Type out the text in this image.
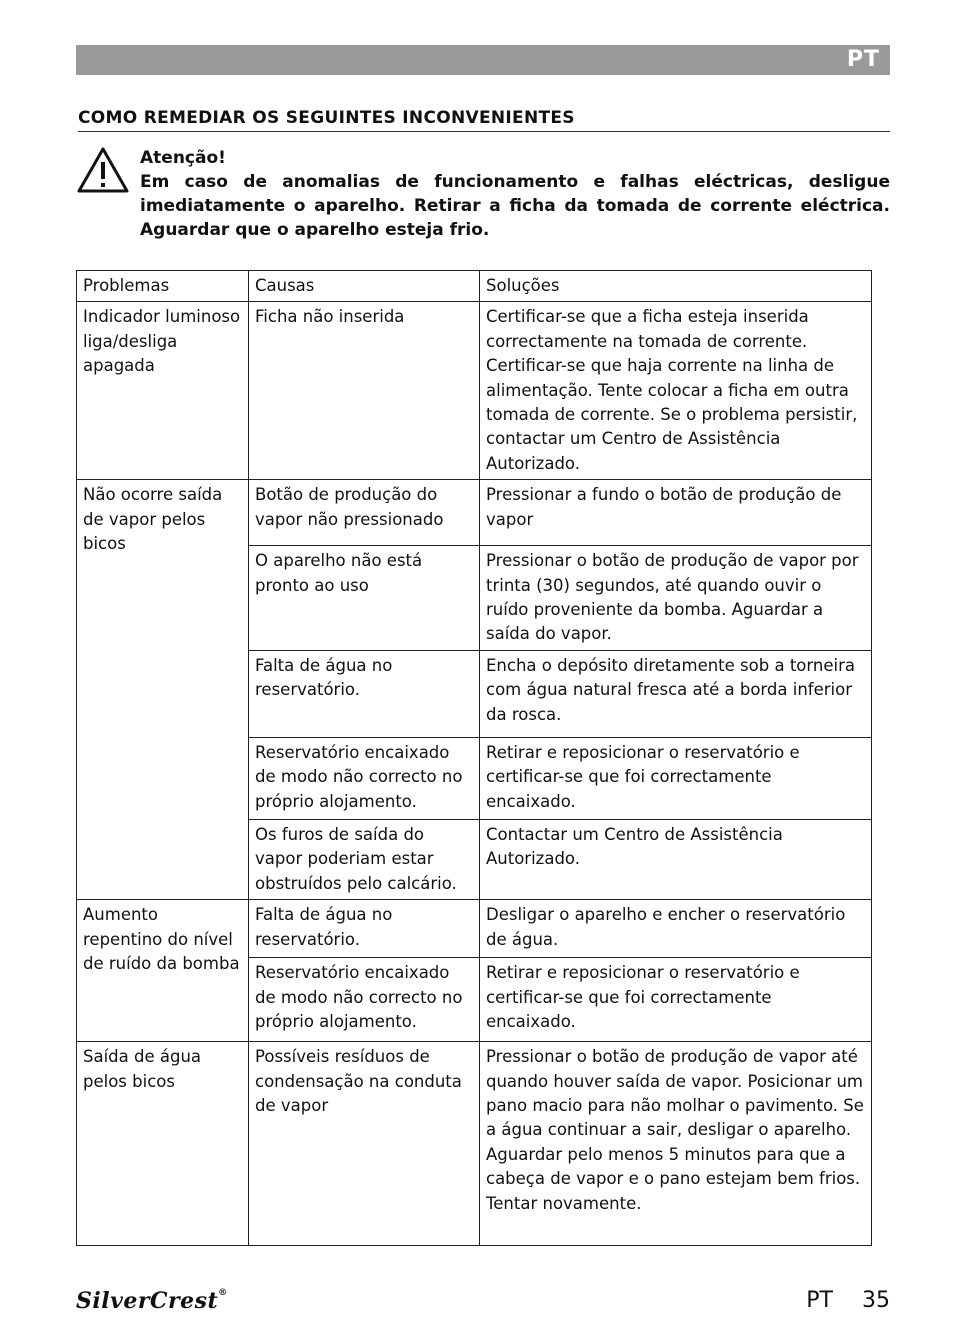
PT
COMO REMEDIAR OS SEGUINTES INCONVENIENTES
Atenção!
Em caso de anomalias de funcionamento e falhas eléctricas, desligue imediatamente o aparelho. Retirar a ficha da tomada de corrente eléctrica. Aguardar que o aparelho esteja frio.
Problemas	Causas	Soluções
Indicador luminoso liga/desliga apagada	Ficha não inserida	Certificar-se que a ficha esteja inserida correctamente na tomada de corrente. Certificar-se que haja corrente na linha de alimentação. Tente colocar a ficha em outra tomada de corrente. Se o problema persistir, contactar um Centro de Assistência Autorizado.
Não ocorre saída de vapor pelos bicos	Botão de produção do vapor não pressionado	Pressionar a fundo o botão de produção de vapor
	O aparelho não está pronto ao uso	Pressionar o botão de produção de vapor por trinta (30) segundos, até quando ouvir o ruído proveniente da bomba. Aguardar a saída do vapor.
	Falta de água no reservatório.	Encha o depósito diretamente sob a torneira com água natural fresca até a borda inferior da rosca.
	Reservatório encaixado de modo não correcto no próprio alojamento.	Retirar e reposicionar o reservatório e certificar-se que foi correctamente encaixado.
	Os furos de saída do vapor poderiam estar obstruídos pelo calcário.	Contactar um Centro de Assistência Autorizado.
Aumento repentino do nível de ruído da bomba	Falta de água no reservatório.	Desligar o aparelho e encher o reservatório de água.
	Reservatório encaixado de modo não correcto no próprio alojamento.	Retirar e reposicionar o reservatório e certificar-se que foi correctamente encaixado.
Saída de água pelos bicos	Possíveis resíduos de condensação na conduta de vapor	Pressionar o botão de produção de vapor até quando houver saída de vapor. Posicionar um pano macio para não molhar o pavimento. Se a água continuar a sair, desligar o aparelho. Aguardar pelo menos 5 minutos para que a cabeça de vapor e o pano estejam bem frios. Tentar novamente.
SilverCrest®	PT 35
